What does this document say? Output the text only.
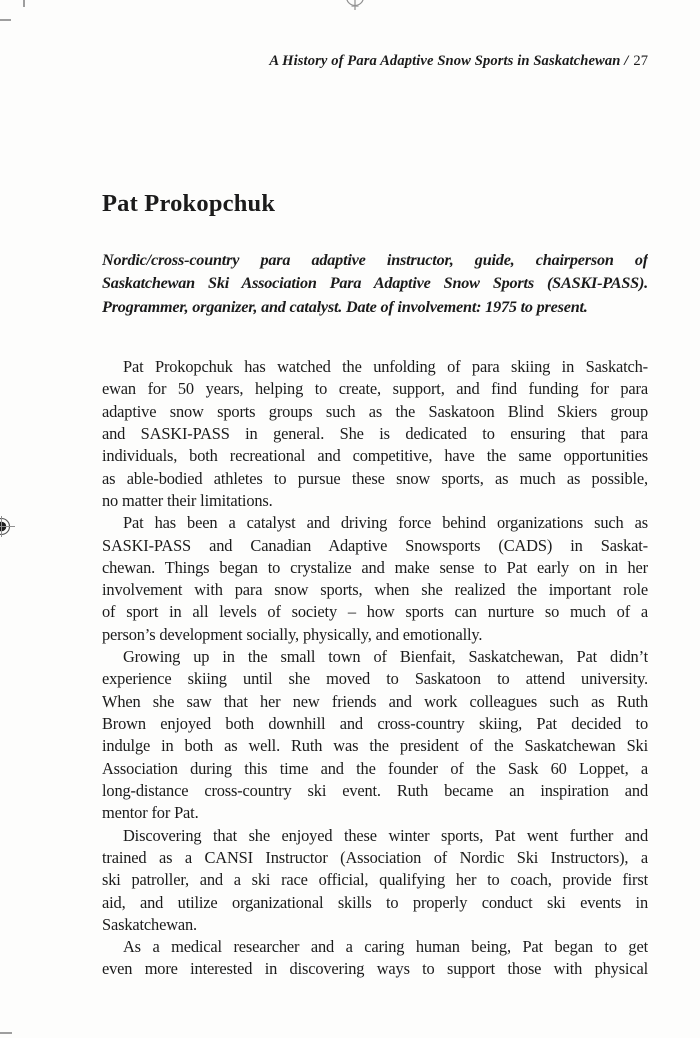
A History of Para Adaptive Snow Sports in Saskatchewan / 27
Pat Prokopchuk
Nordic/cross-country para adaptive instructor, guide, chairperson of
Saskatchewan Ski Association Para Adaptive Snow Sports (SASKI-PASS).
Programmer, organizer, and catalyst. Date of involvement: 1975 to present.
Pat Prokopchuk has watched the unfolding of para skiing in Saskatch-
ewan for 50 years, helping to create, support, and find funding for para
adaptive snow sports groups such as the Saskatoon Blind Skiers group
and SASKI-PASS in general. She is dedicated to ensuring that para
individuals, both recreational and competitive, have the same opportunities
as able-bodied athletes to pursue these snow sports, as much as possible,
no matter their limitations.
Pat has been a catalyst and driving force behind organizations such as
SASKI-PASS and Canadian Adaptive Snowsports (CADS) in Saskat-
chewan. Things began to crystalize and make sense to Pat early on in her
involvement with para snow sports, when she realized the important role
of sport in all levels of society – how sports can nurture so much of a
person’s development socially, physically, and emotionally.
Growing up in the small town of Bienfait, Saskatchewan, Pat didn’t
experience skiing until she moved to Saskatoon to attend university.
When she saw that her new friends and work colleagues such as Ruth
Brown enjoyed both downhill and cross-country skiing, Pat decided to
indulge in both as well. Ruth was the president of the Saskatchewan Ski
Association during this time and the founder of the Sask 60 Loppet, a
long-distance cross-country ski event. Ruth became an inspiration and
mentor for Pat.
Discovering that she enjoyed these winter sports, Pat went further and
trained as a CANSI Instructor (Association of Nordic Ski Instructors), a
ski patroller, and a ski race official, qualifying her to coach, provide first
aid, and utilize organizational skills to properly conduct ski events in
Saskatchewan.
As a medical researcher and a caring human being, Pat began to get
even more interested in discovering ways to support those with physical
